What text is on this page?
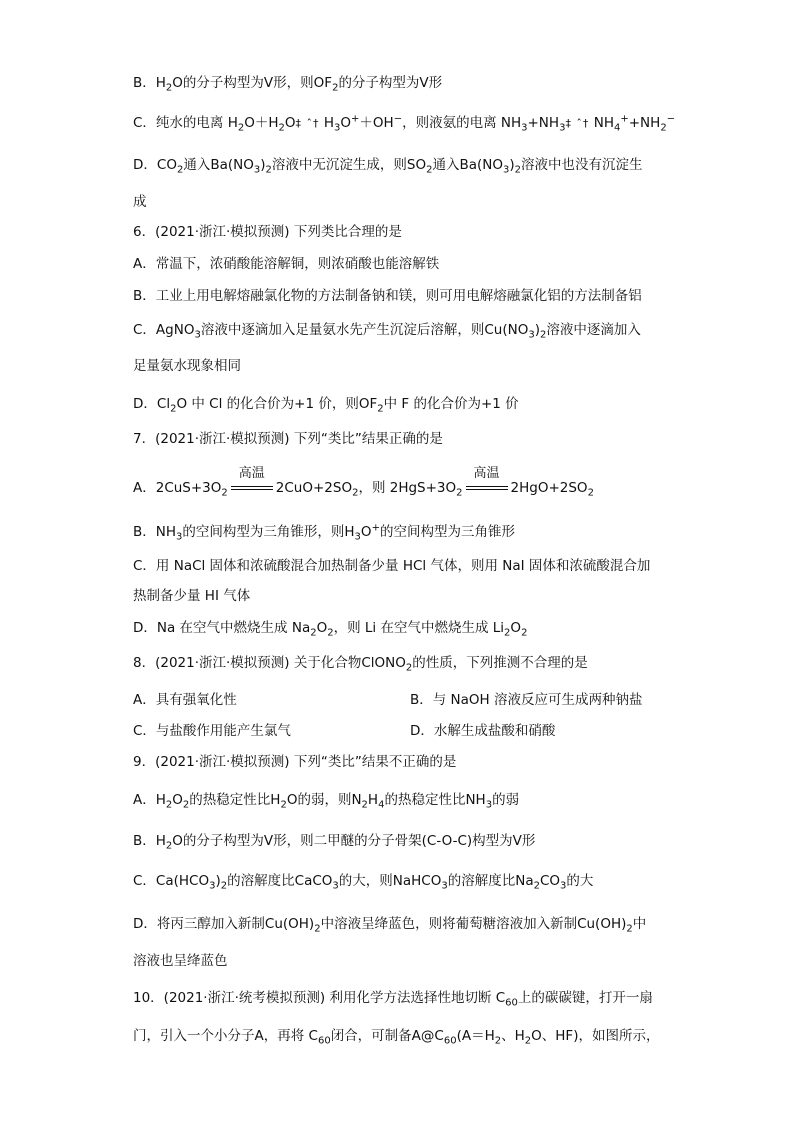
B．$H_2O$的分子构型为V形，则$OF_2$的分子构型为V形
C．纯水的电离 $H_2O+H_2O\ddagger$ ˆ† $H_3O^++OH^-$，则液氨的电离 $NH_3+NH_3\ddagger$ ˆ† $NH_4^++NH_2^-$
D．$CO_2$通入$Ba(NO_3)_2$溶液中无沉淀生成，则$SO_2$通入$Ba(NO_3)_2$溶液中也没有沉淀生
成
6．(2021·浙江·模拟预测) 下列类比合理的是
A．常温下，浓硝酸能溶解铜，则浓硝酸也能溶解铁
B．工业上用电解熔融氯化物的方法制备钠和镁，则可用电解熔融氯化铝的方法制备铝
C．AgNO$_3$溶液中逐滴加入足量氨水先产生沉淀后溶解，则$Cu(NO_3)_2$溶液中逐滴加入
足量氨水现象相同
D．$Cl_2O$ 中 Cl 的化合价为+1 价，则$OF_2$中 F 的化合价为+1 价
7．(2021·浙江·模拟预测) 下列“类比”结果正确的是
A．$2CuS+3O_2$
高温
$2CuO+2SO_2$，则 $2HgS+3O_2$
高温
$2HgO+2SO_2$
B．$NH_3$的空间构型为三角锥形，则$H_3O^+$的空间构型为三角锥形
C．用 NaCl 固体和浓硫酸混合加热制备少量 HCl 气体，则用 NaI 固体和浓硫酸混合加
热制备少量 HI 气体
D．Na 在空气中燃烧生成 $Na_2O_2$，则 Li 在空气中燃烧生成 $Li_2O_2$
8．(2021·浙江·模拟预测) 关于化合物ClONO$_2$的性质，下列推测不合理的是
A．具有强氧化性	B．与 NaOH 溶液反应可生成两种钠盐
C．与盐酸作用能产生氯气	D．水解生成盐酸和硝酸
9．(2021·浙江·模拟预测) 下列“类比”结果不正确的是
A．$H_2O_2$的热稳定性比$H_2O$的弱，则$N_2H_4$的热稳定性比$NH_3$的弱
B．$H_2O$的分子构型为V形，则二甲醚的分子骨架(C-O-C)构型为V形
C．$Ca(HCO_3)_2$的溶解度比CaCO$_3$的大，则NaHCO$_3$的溶解度比$Na_2CO_3$的大
D．将丙三醇加入新制$Cu(OH)_2$中溶液呈绛蓝色，则将葡萄糖溶液加入新制$Cu(OH)_2$中
溶液也呈绛蓝色
10．(2021·浙江·统考模拟预测) 利用化学方法选择性地切断 $C_{60}$上的碳碳键，打开一扇
门，引入一个小分子A，再将 $C_{60}$闭合，可制备$A@C_{60}(A=H_2$、$H_2O$、HF)，如图所示，
